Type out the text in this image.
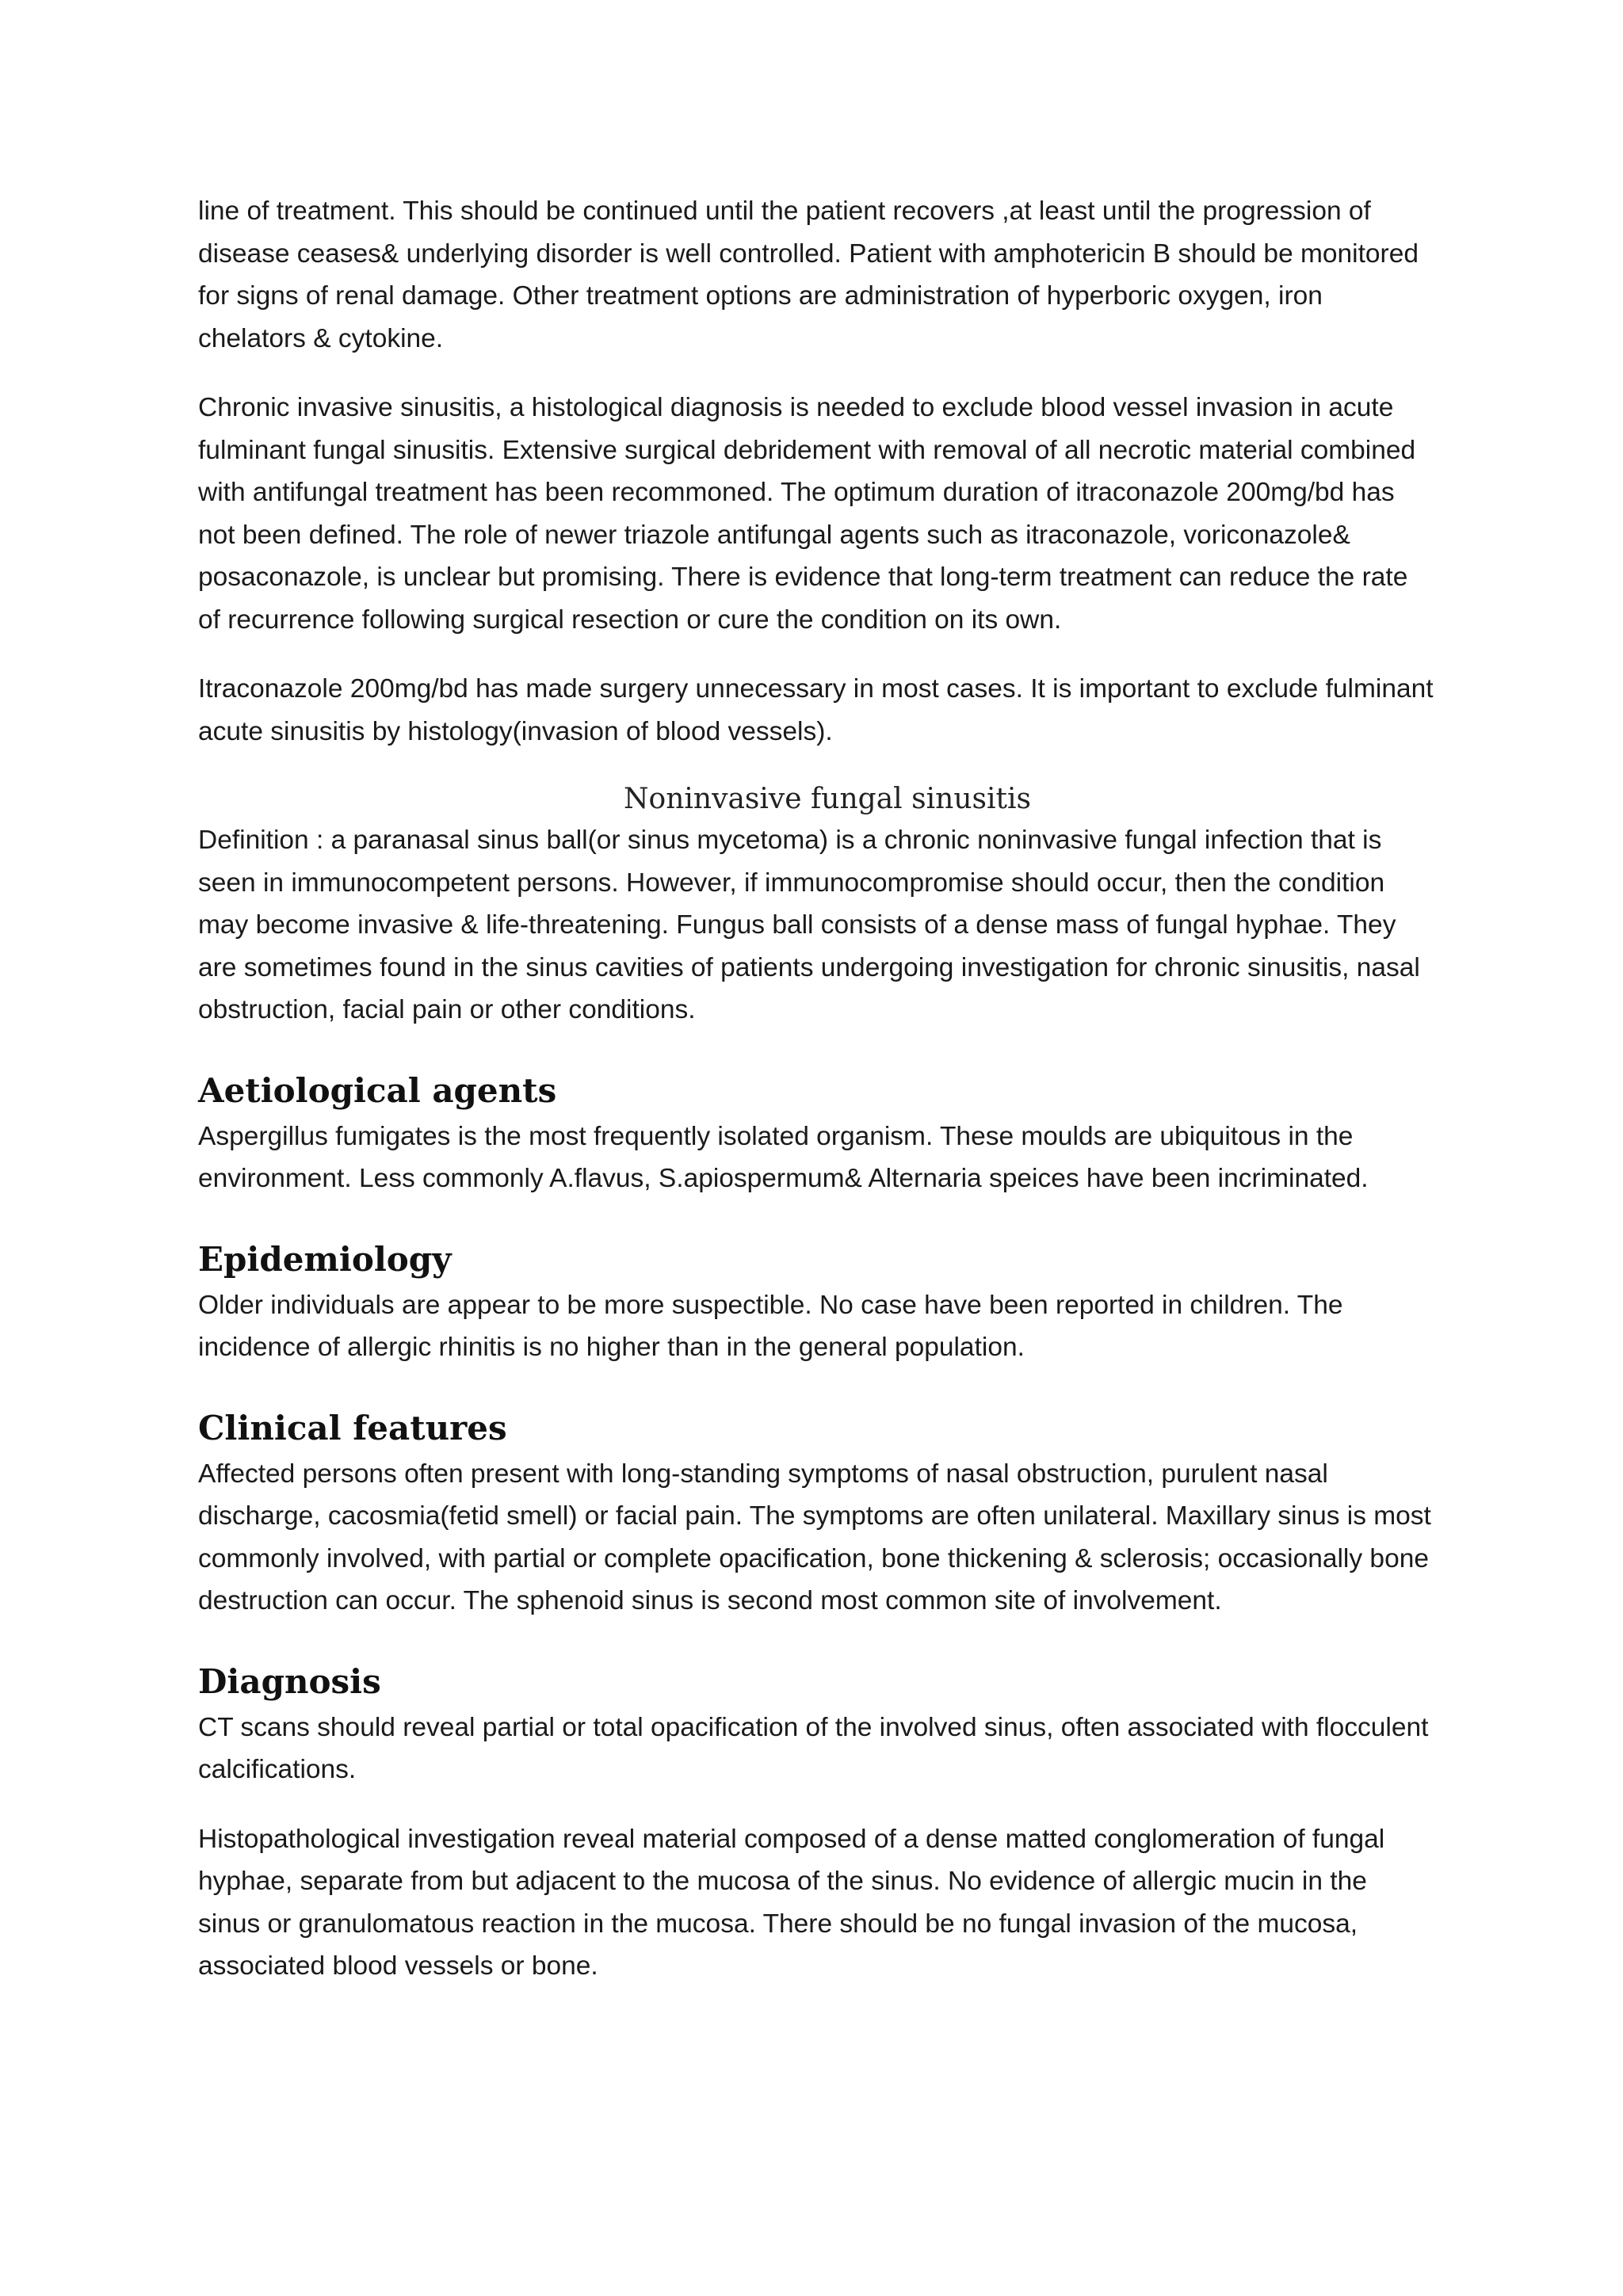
line of treatment. This should be continued until the patient recovers ,at least until the progression of disease ceases& underlying disorder is well controlled. Patient with amphotericin B should be monitored for signs of renal damage. Other treatment options are administration of hyperboric oxygen, iron chelators & cytokine.

Chronic invasive sinusitis, a histological diagnosis is needed to exclude blood vessel invasion in acute fulminant fungal sinusitis. Extensive surgical debridement with removal of all necrotic material combined with antifungal treatment has been recommoned. The optimum duration of itraconazole 200mg/bd has not been defined. The role of newer triazole antifungal agents such as itraconazole, voriconazole& posaconazole, is unclear but promising. There is evidence that long-term treatment can reduce the rate of recurrence following surgical resection or cure the condition on its own.

Itraconazole 200mg/bd has made surgery unnecessary in most cases. It is important to exclude fulminant acute sinusitis by histology(invasion of blood vessels).

Noninvasive fungal sinusitis

Definition : a paranasal sinus ball(or sinus mycetoma) is a chronic noninvasive fungal infection that is seen in immunocompetent persons. However, if immunocompromise should occur, then the condition may become invasive & life-threatening. Fungus ball consists of a dense mass of fungal hyphae. They are sometimes found in the sinus cavities of patients undergoing investigation for chronic sinusitis, nasal obstruction, facial pain or other conditions.

Aetiological agents

Aspergillus fumigates is the most frequently isolated organism. These moulds are ubiquitous in the environment. Less commonly A.flavus, S.apiospermum& Alternaria speices have been incriminated.

Epidemiology

Older individuals are appear to be more suspectible. No case have been reported in children. The incidence of allergic rhinitis is no higher than in the general population.

Clinical features

Affected persons often present with long-standing symptoms of nasal obstruction, purulent nasal discharge, cacosmia(fetid smell) or facial pain. The symptoms are often unilateral. Maxillary sinus is most commonly involved, with partial or complete opacification, bone thickening & sclerosis; occasionally bone destruction can occur. The sphenoid sinus is second most common site of involvement.

Diagnosis

CT scans should reveal partial or total opacification of the involved sinus, often associated with flocculent calcifications.

Histopathological investigation reveal material composed of a dense matted conglomeration of fungal hyphae, separate from but adjacent to the mucosa of the sinus. No evidence of allergic mucin in the sinus or granulomatous reaction in the mucosa. There should be no fungal invasion of the mucosa, associated blood vessels or bone.
